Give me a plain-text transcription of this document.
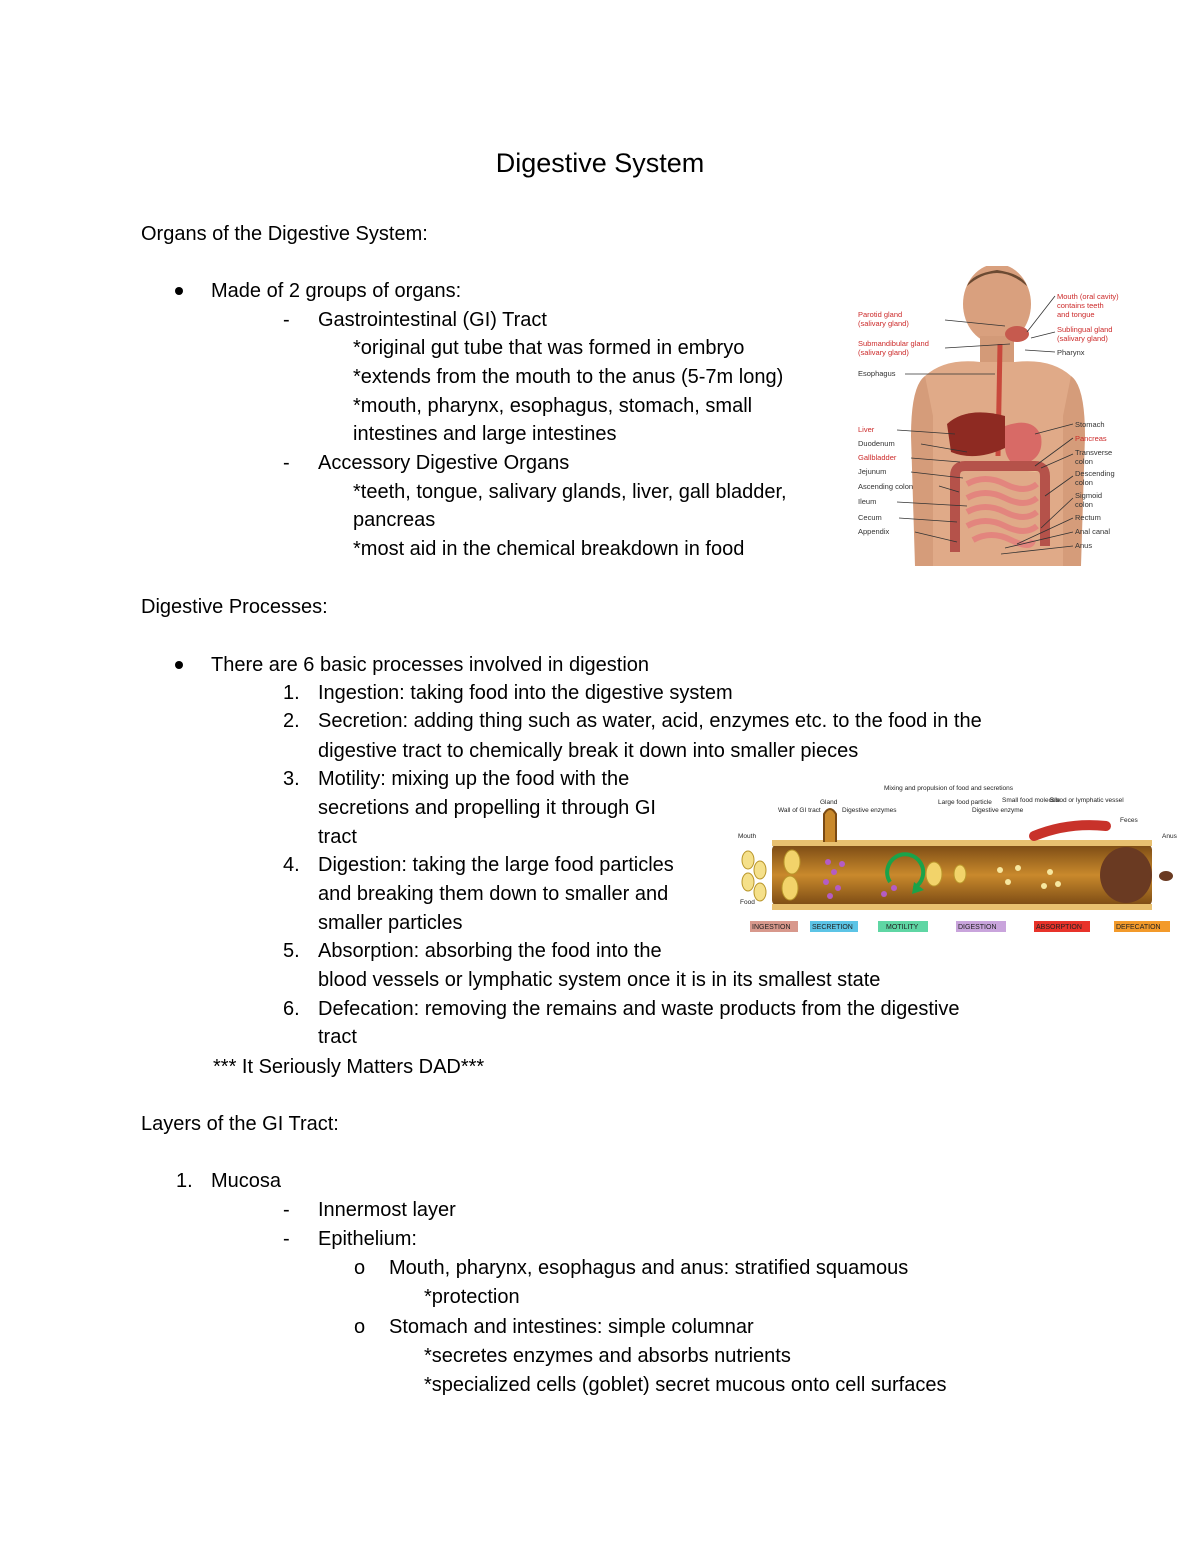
Digestive System
Organs of the Digestive System:
Made of 2 groups of organs:
- Gastrointestinal (GI) Tract
*original gut tube that was formed in embryo
*extends from the mouth to the anus (5-7m long)
*mouth, pharynx, esophagus, stomach, small
intestines and large intestines
- Accessory Digestive Organs
*teeth, tongue, salivary glands, liver, gall bladder,
pancreas
*most aid in the chemical breakdown in food
Parotid gland
(salivary gland)
Submandibular gland
(salivary gland)
Esophagus
Liver
Duodenum
Gallbladder
Jejunum
Ascending colon
Ileum
Cecum
Appendix
Mouth (oral cavity)
contains teeth
and tongue
Sublingual gland
(salivary gland)
Pharynx
Stomach
Pancreas
Transverse
colon
Descending
colon
Sigmoid
colon
Rectum
Anal canal
Anus
Digestive Processes:
There are 6 basic processes involved in digestion
1. Ingestion: taking food into the digestive system
2. Secretion: adding thing such as water, acid, enzymes etc. to the food in the
digestive tract to chemically break it down into smaller pieces
3. Motility: mixing up the food with the
secretions and propelling it through GI
tract
4. Digestion: taking the large food particles
and breaking them down to smaller and
smaller particles
5. Absorption: absorbing the food into the
blood vessels or lymphatic system once it is in its smallest state
6. Defecation: removing the remains and waste products from the digestive
tract
*** It Seriously Matters DAD***
Mouth
Wall of GI tract
Gland
Digestive enzymes
Mixing and propulsion of food and secretions
Large food particle
Digestive enzyme
Small food molecule
Blood or lymphatic vessel
Feces
Anus
Food
INGESTION	SECRETION	MOTILITY	DIGESTION	ABSORPTION	DEFECATION
Layers of the GI Tract:
1. Mucosa
- Innermost layer
- Epithelium:
o Mouth, pharynx, esophagus and anus: stratified squamous
*protection
o Stomach and intestines: simple columnar
*secretes enzymes and absorbs nutrients
*specialized cells (goblet) secret mucous onto cell surfaces
